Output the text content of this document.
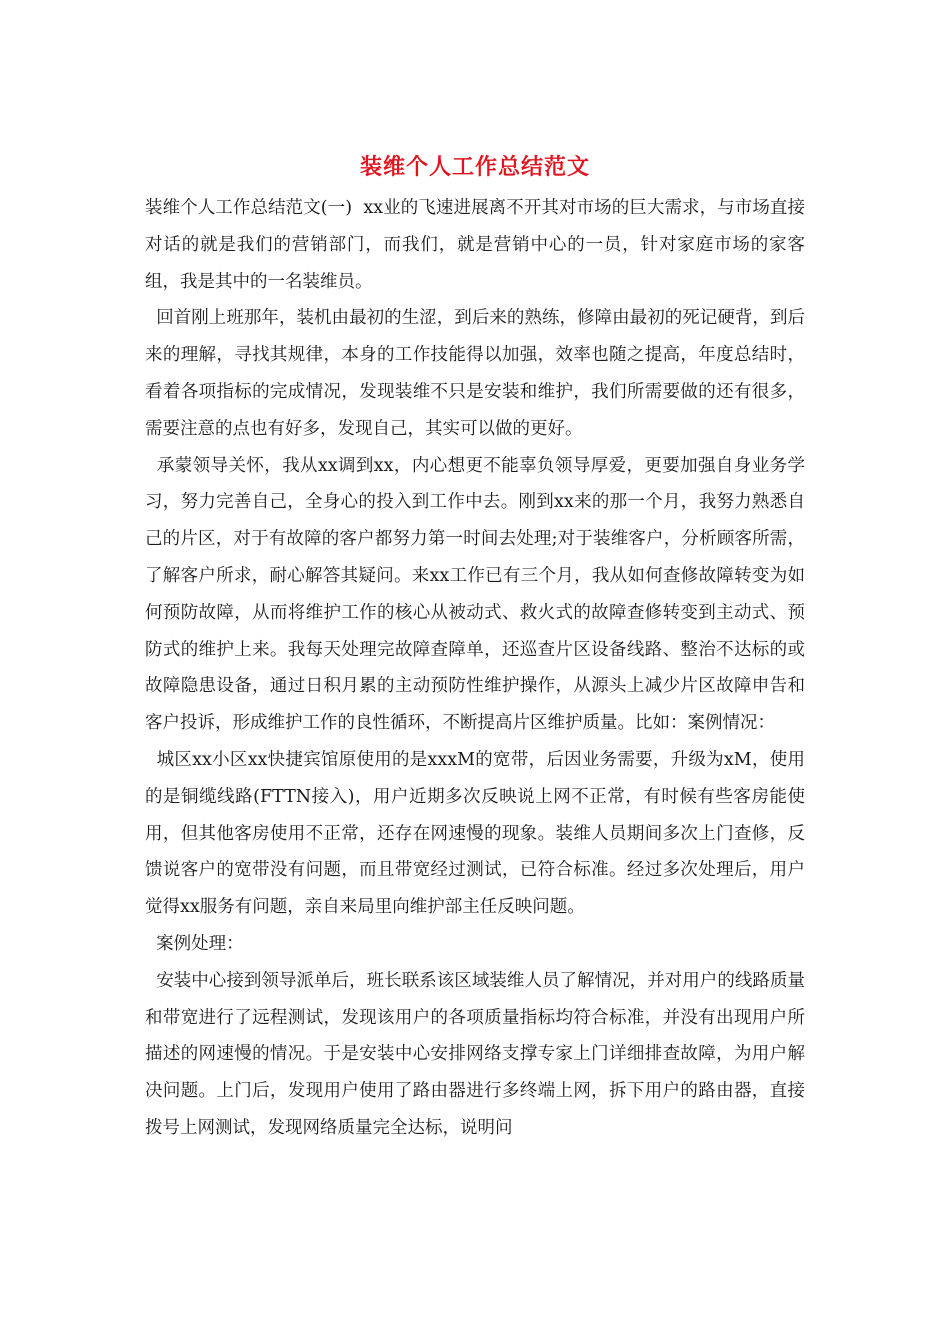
装维个人工作总结范文

装维个人工作总结范文(一)  xx业的飞速进展离不开其对市场的巨大需求，与市场直接对话的就是我们的营销部门，而我们，就是营销中心的一员，针对家庭市场的家客组，我是其中的一名装维员。

回首刚上班那年，装机由最初的生涩，到后来的熟练，修障由最初的死记硬背，到后来的理解，寻找其规律，本身的工作技能得以加强，效率也随之提高，年度总结时，看着各项指标的完成情况，发现装维不只是安装和维护，我们所需要做的还有很多，需要注意的点也有好多，发现自己，其实可以做的更好。

承蒙领导关怀，我从xx调到xx，内心想更不能辜负领导厚爱，更要加强自身业务学习，努力完善自己，全身心的投入到工作中去。刚到xx来的那一个月，我努力熟悉自己的片区，对于有故障的客户都努力第一时间去处理;对于装维客户，分析顾客所需，了解客户所求，耐心解答其疑问。来xx工作已有三个月，我从如何查修故障转变为如何预防故障，从而将维护工作的核心从被动式、救火式的故障查修转变到主动式、预防式的维护上来。我每天处理完故障查障单，还巡查片区设备线路、整治不达标的或故障隐患设备，通过日积月累的主动预防性维护操作，从源头上减少片区故障申告和客户投诉，形成维护工作的良性循环，不断提高片区维护质量。比如：案例情况：

城区xx小区xx快捷宾馆原使用的是xxxM的宽带，后因业务需要，升级为xM，使用的是铜缆线路(FTTN接入)，用户近期多次反映说上网不正常，有时候有些客房能使用，但其他客房使用不正常，还存在网速慢的现象。装维人员期间多次上门查修，反馈说客户的宽带没有问题，而且带宽经过测试，已符合标准。经过多次处理后，用户觉得xx服务有问题，亲自来局里向维护部主任反映问题。

案例处理：

安装中心接到领导派单后，班长联系该区域装维人员了解情况，并对用户的线路质量和带宽进行了远程测试，发现该用户的各项质量指标均符合标准，并没有出现用户所描述的网速慢的情况。于是安装中心安排网络支撑专家上门详细排查故障，为用户解决问题。上门后，发现用户使用了路由器进行多终端上网，拆下用户的路由器，直接拨号上网测试，发现网络质量完全达标，说明问
